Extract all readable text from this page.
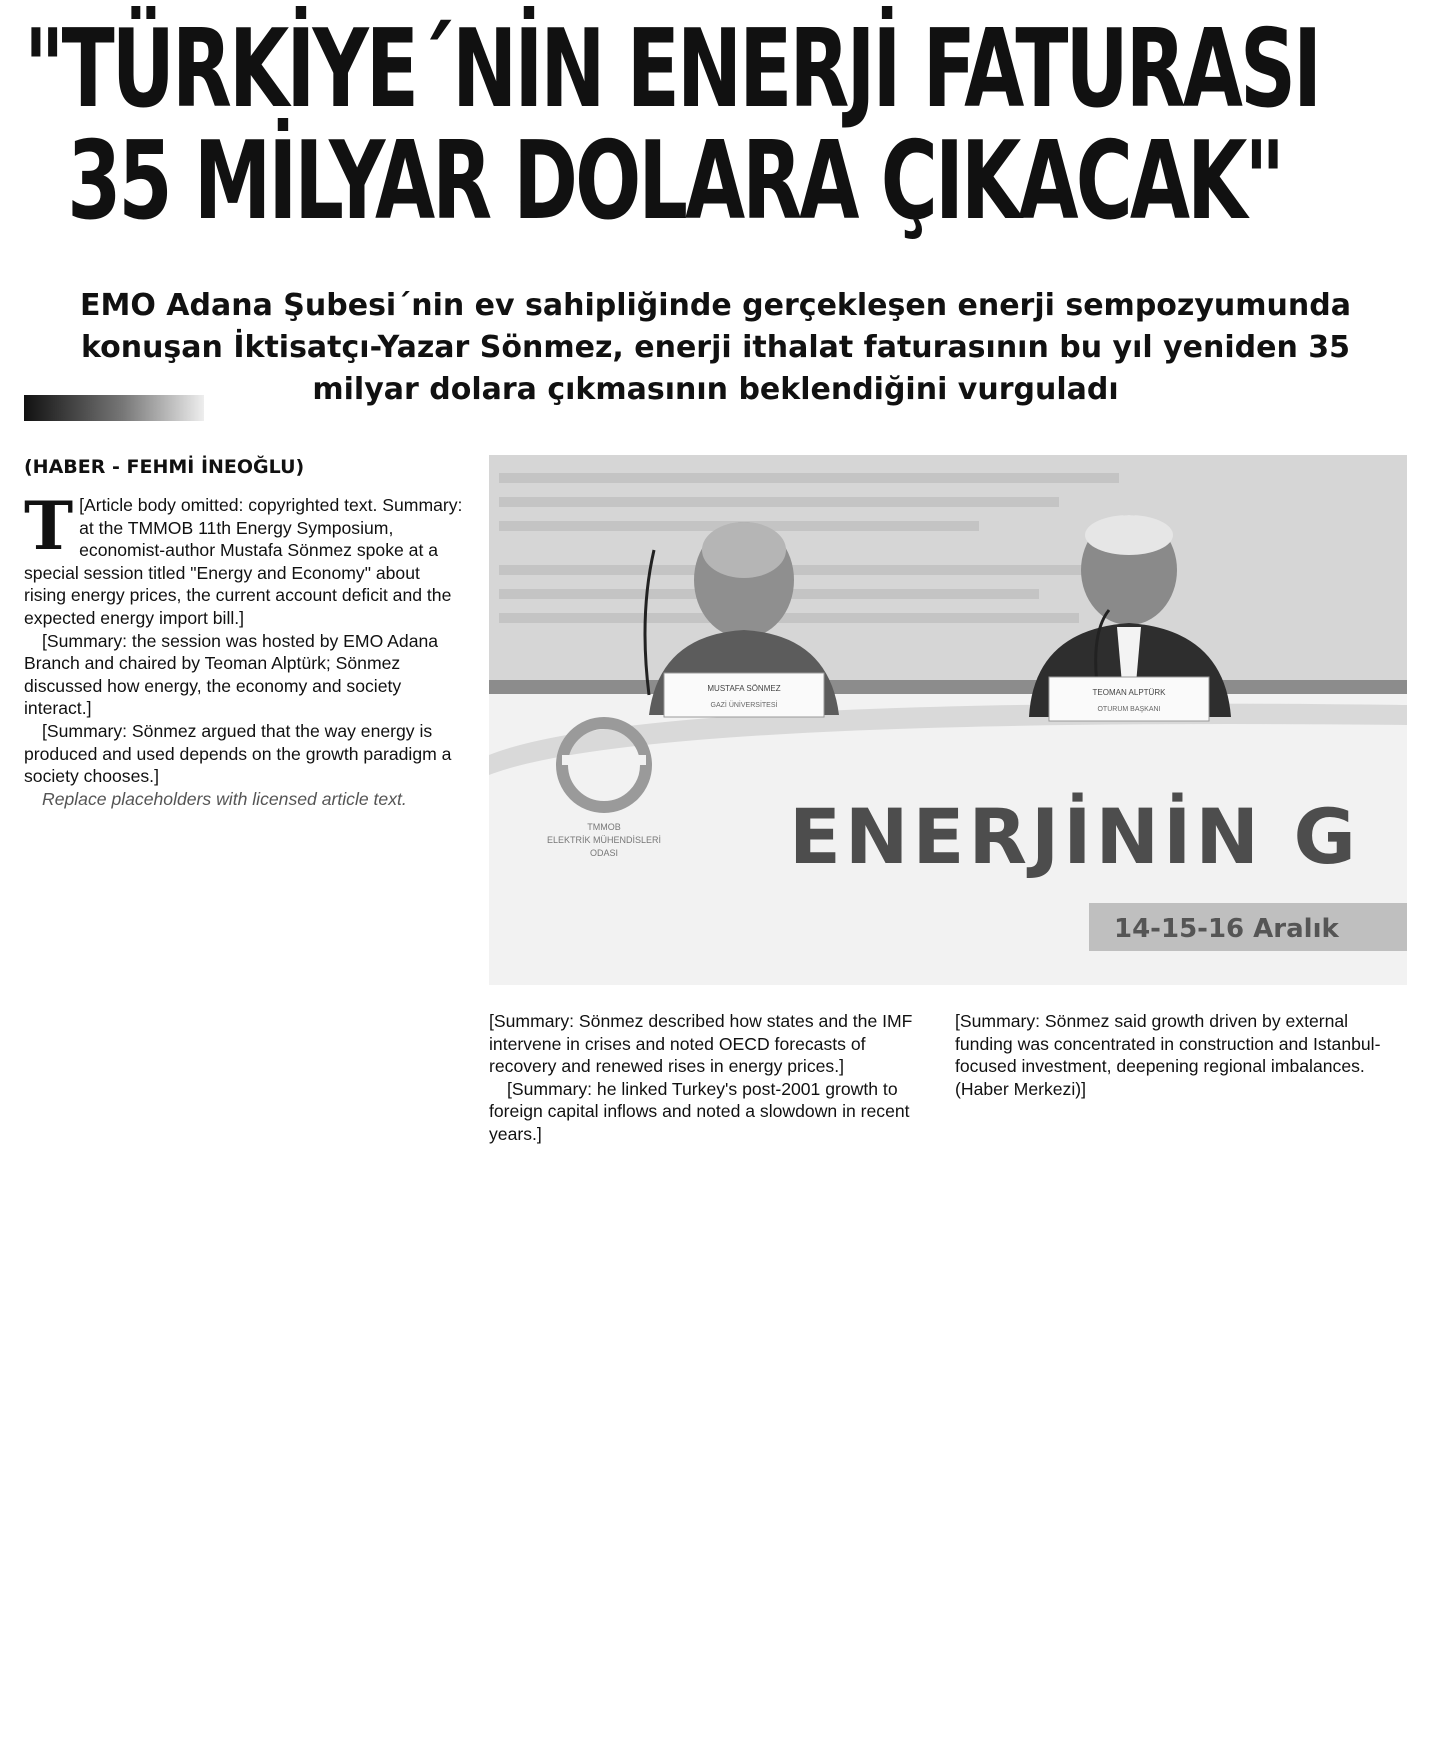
"TÜRKİYE´NİN ENERJİ FATURASI
35 MİLYAR DOLARA ÇIKACAK"
EMO Adana Şubesi´nin ev sahipliğinde gerçekleşen enerji sempozyumunda konuşan İktisatçı-Yazar Sönmez, enerji ithalat faturasının bu yıl yeniden 35 milyar dolara çıkmasının beklendiğini vurguladı
(HABER - FEHMİ İNEOĞLU)
T [Article body omitted: copyrighted text. Summary: at the TMMOB 11th Energy Symposium, economist-author Mustafa Sönmez spoke at a special session titled "Energy and Economy" about rising energy prices, the current account deficit and the expected energy import bill.]

[Summary: the session was hosted by EMO Adana Branch and chaired by Teoman Alptürk; Sönmez discussed how energy, the economy and society interact.]

[Summary: Sönmez argued that the way energy is produced and used depends on the growth paradigm a society chooses.]

Replace placeholders with licensed article text.

TMMOB
ELEKTRİK MÜHENDİSLERİ
ODASI ENERJİNİN G
14-15-16 Aralık
MUSTAFA SÖNMEZ
GAZİ ÜNİVERSİTESİ
TEOMAN ALPTÜRK
OTURUM BAŞKANI

[Summary: Sönmez described how states and the IMF intervene in crises and noted OECD forecasts of recovery and renewed rises in energy prices.]

[Summary: he linked Turkey's post-2001 growth to foreign capital inflows and noted a slowdown in recent years.]

[Summary: Sönmez said growth driven by external funding was concentrated in construction and Istanbul-focused investment, deepening regional imbalances. (Haber Merkezi)]
